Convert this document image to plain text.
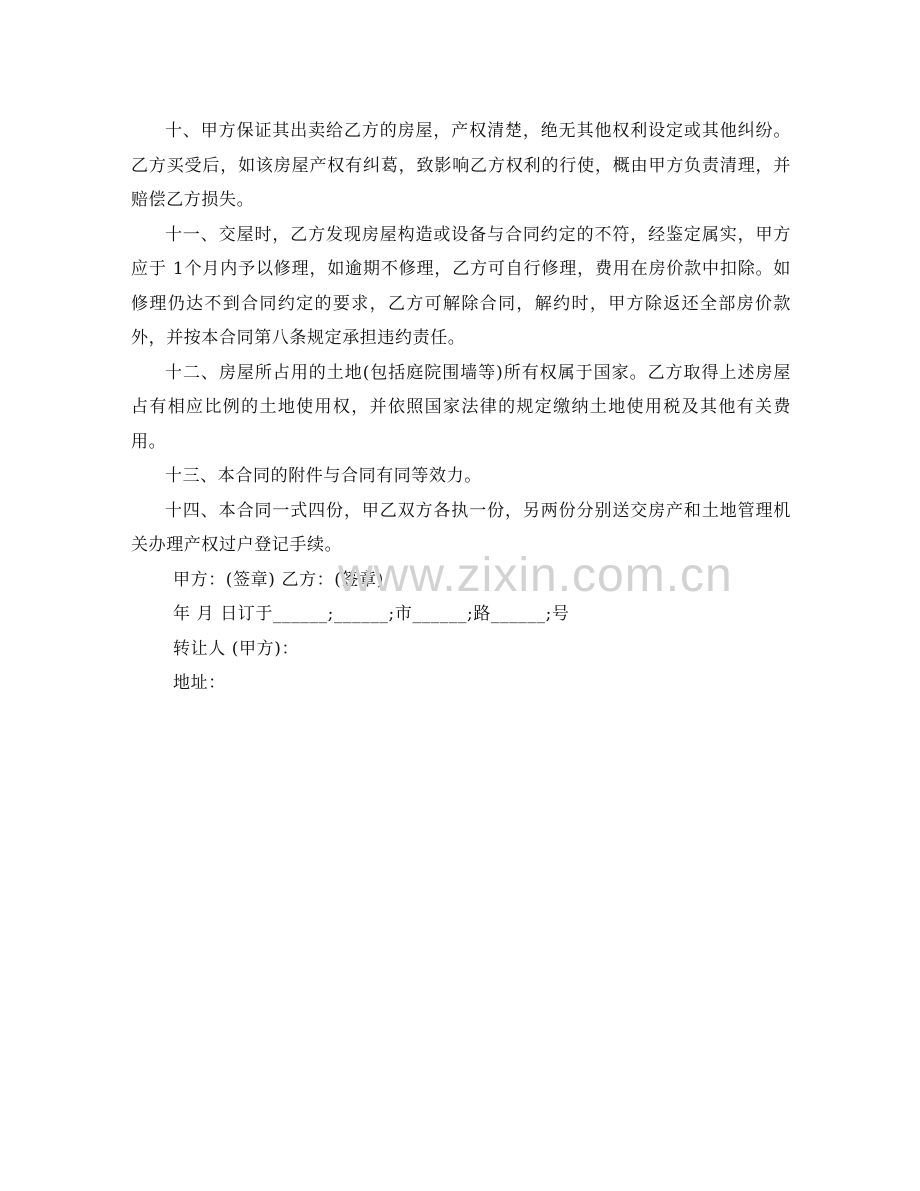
十、甲方保证其出卖给乙方的房屋，产权清楚，绝无其他权利设定或其他纠纷。乙方买受后，如该房屋产权有纠葛，致影响乙方权利的行使，概由甲方负责清理，并赔偿乙方损失。

十一、交屋时，乙方发现房屋构造或设备与合同约定的不符，经鉴定属实，甲方应于 1个月内予以修理，如逾期不修理，乙方可自行修理，费用在房价款中扣除。如修理仍达不到合同约定的要求，乙方可解除合同，解约时，甲方除返还全部房价款外，并按本合同第八条规定承担违约责任。

十二、房屋所占用的土地(包括庭院围墙等)所有权属于国家。乙方取得上述房屋占有相应比例的土地使用权，并依照国家法律的规定缴纳土地使用税及其他有关费用。

十三、本合同的附件与合同有同等效力。

十四、本合同一式四份，甲乙双方各执一份，另两份分别送交房产和土地管理机关办理产权过户登记手续。

甲方：(签章) 乙方：(签章)

年 月 日订于______;______;市______;路______;号

转让人 (甲方)：

地址：

www.zixin.com.cn
